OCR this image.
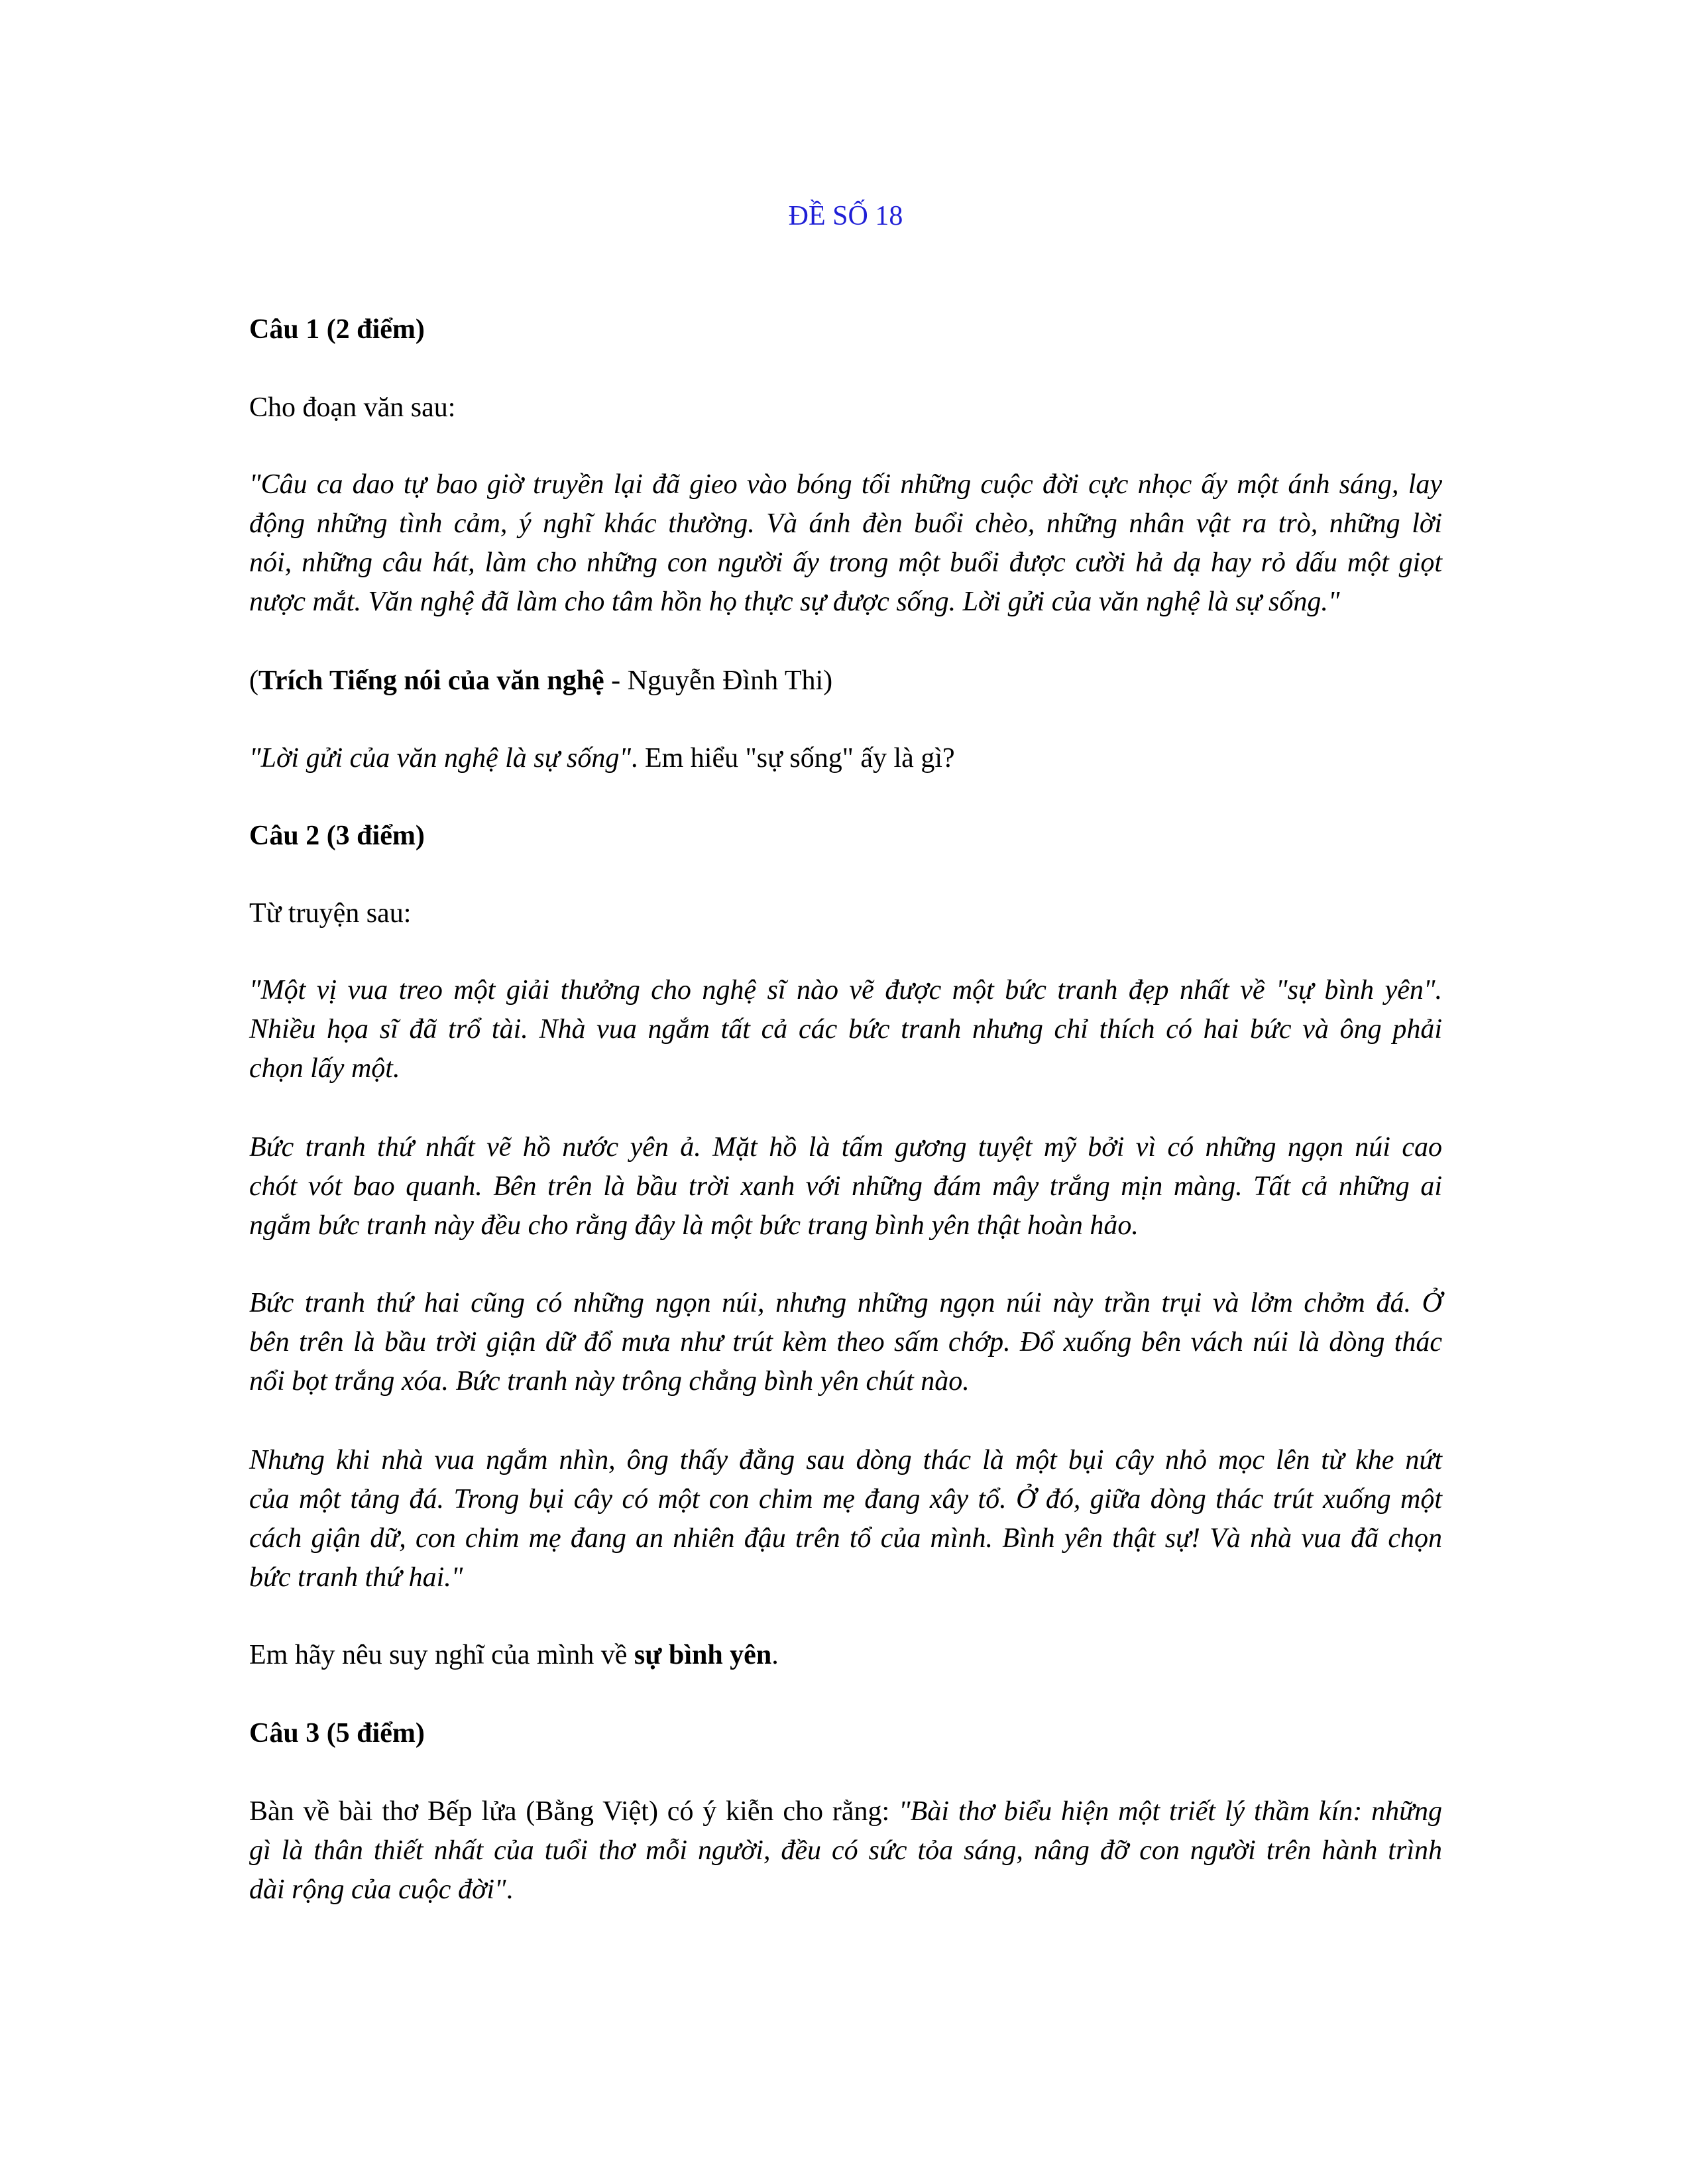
ĐỀ SỐ 18
Câu 1 (2 điểm)
Cho đoạn văn sau:
"Câu ca dao tự bao giờ truyền lại đã gieo vào bóng tối những cuộc đời cực nhọc ấy một ánh sáng, lay
động những tình cảm, ý nghĩ khác thường. Và ánh đèn buổi chèo, những nhân vật ra trò, những lời
nói, những câu hát, làm cho những con người ấy trong một buổi được cười hả dạ hay rỏ dấu một giọt
nược mắt. Văn nghệ đã làm cho tâm hồn họ thực sự được sống. Lời gửi của văn nghệ là sự sống."
(Trích Tiếng nói của văn nghệ - Nguyễn Đình Thi)
"Lời gửi của văn nghệ là sự sống". Em hiểu "sự sống" ấy là gì?
Câu 2 (3 điểm)
Từ truyện sau:
"Một vị vua treo một giải thưởng cho nghệ sĩ nào vẽ được một bức tranh đẹp nhất về "sự bình yên".
Nhiều họa sĩ đã trổ tài. Nhà vua ngắm tất cả các bức tranh nhưng chỉ thích có hai bức và ông phải
chọn lấy một.
Bức tranh thứ nhất vẽ hồ nước yên ả. Mặt hồ là tấm gương tuyệt mỹ bởi vì có những ngọn núi cao
chót vót bao quanh. Bên trên là bầu trời xanh với những đám mây trắng mịn màng. Tất cả những ai
ngắm bức tranh này đều cho rằng đây là một bức trang bình yên thật hoàn hảo.
Bức tranh thứ hai cũng có những ngọn núi, nhưng những ngọn núi này trần trụi và lởm chởm đá. Ở
bên trên là bầu trời giận dữ đổ mưa như trút kèm theo sấm chớp. Đổ xuống bên vách núi là dòng thác
nổi bọt trắng xóa. Bức tranh này trông chẳng bình yên chút nào.
Nhưng khi nhà vua ngắm nhìn, ông thấy đằng sau dòng thác là một bụi cây nhỏ mọc lên từ khe nứt
của một tảng đá. Trong bụi cây có một con chim mẹ đang xây tổ. Ở đó, giữa dòng thác trút xuống một
cách giận dữ, con chim mẹ đang an nhiên đậu trên tổ của mình. Bình yên thật sự! Và nhà vua đã chọn
bức tranh thứ hai."
Em hãy nêu suy nghĩ của mình về sự bình yên.
Câu 3 (5 điểm)
Bàn về bài thơ Bếp lửa (Bằng Việt) có ý kiễn cho rằng: "Bài thơ biểu hiện một triết lý thầm kín: những
gì là thân thiết nhất của tuổi thơ mỗi người, đều có sức tỏa sáng, nâng đỡ con người trên hành trình
dài rộng của cuộc đời".
